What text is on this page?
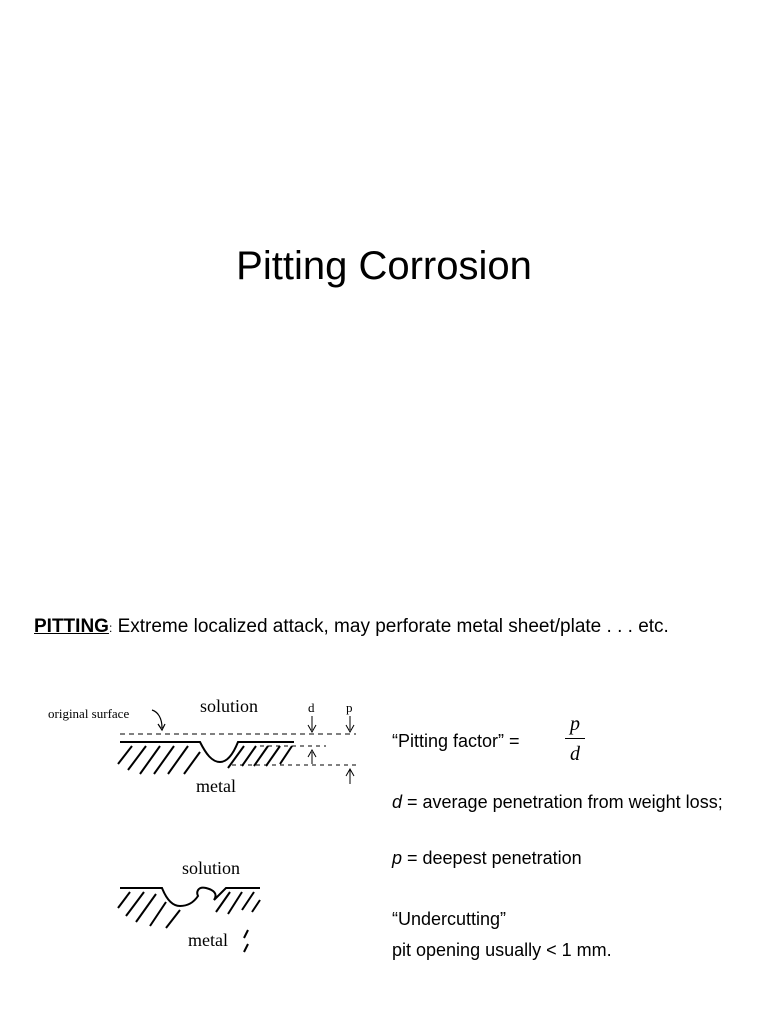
Pitting Corrosion
PITTING: Extreme localized attack, may perforate metal sheet/plate . . . etc.
original surface	solution
metal
d p
solution
metal
“Pitting factor” =
p
d
d = average penetration from weight loss;
p = deepest penetration
“Undercutting”
pit opening usually < 1 mm.
